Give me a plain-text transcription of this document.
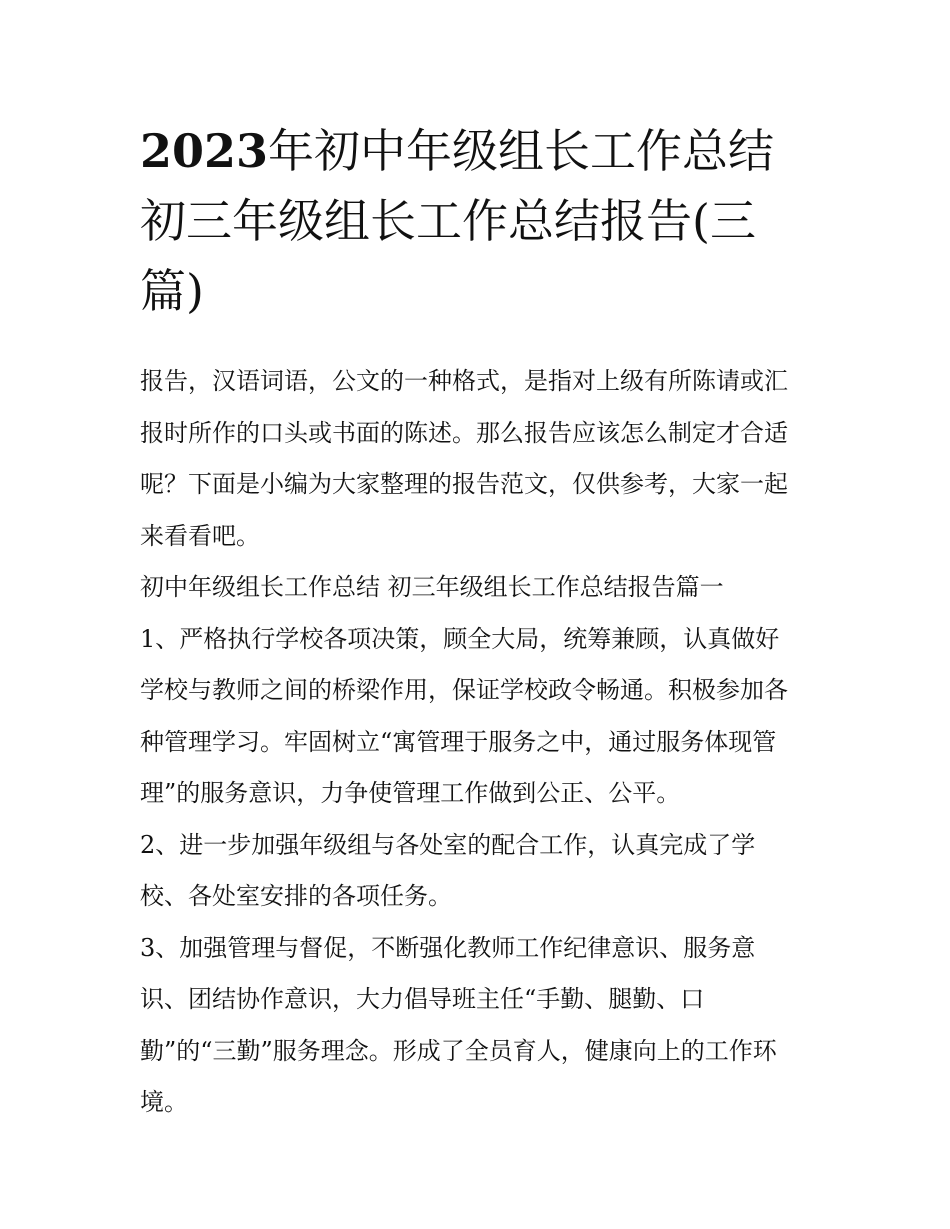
2023年初中年级组长工作总结
初三年级组长工作总结报告(三
篇)

报告，汉语词语，公文的一种格式，是指对上级有所陈请或汇
报时所作的口头或书面的陈述。那么报告应该怎么制定才合适
呢？下面是小编为大家整理的报告范文，仅供参考，大家一起
来看看吧。

初中年级组长工作总结 初三年级组长工作总结报告篇一

1、严格执行学校各项决策，顾全大局，统筹兼顾，认真做好
学校与教师之间的桥梁作用，保证学校政令畅通。积极参加各
种管理学习。牢固树立“寓管理于服务之中，通过服务体现管
理”的服务意识，力争使管理工作做到公正、公平。

2、进一步加强年级组与各处室的配合工作，认真完成了学
校、各处室安排的各项任务。

3、加强管理与督促，不断强化教师工作纪律意识、服务意
识、团结协作意识，大力倡导班主任“手勤、腿勤、口
勤”的“三勤”服务理念。形成了全员育人，健康向上的工作环
境。
